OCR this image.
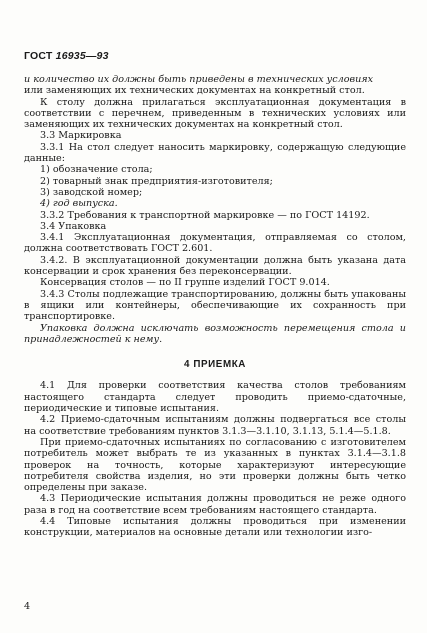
ГОСТ 16935—93

и количество их должны быть приведены в технических условиях

или заменяющих их технических документах на конкретный стол.

К столу должна прилагаться эксплуатационная документация в соответствии с перечнем, приведенным в технических условиях или заменяющих их технических документах на конкретный стол.

3.3 Маркировка

3.3.1 На стол следует наносить маркировку, содержащую следующие данные:

1) обозначение стола;

2) товарный знак предприятия-изготовителя;

3) заводской номер;

4) год выпуска.

3.3.2 Требования к транспортной маркировке — по ГОСТ 14192.

3.4 Упаковка

3.4.1 Эксплуатационная документация, отправляемая со столом, должна соответствовать ГОСТ 2.601.

3.4.2. В эксплуатационной документации должна быть указана дата консервации и срок хранения без переконсервации.

Консервация столов — по II группе изделий ГОСТ 9.014.

3.4.3 Столы подлежащие транспортированию, должны быть упакованы в ящики или контейнеры, обеспечивающие их сохранность при транспортировке.

Упаковка должна исключать возможность перемещения стола и принадлежностей к нему.

4 ПРИЕМКА

4.1 Для проверки соответствия качества столов требованиям настоящего стандарта следует проводить приемо-сдаточные, периодические и типовые испытания.

4.2 Приемо-сдаточным испытаниям должны подвергаться все столы на соответствие требованиям пунктов 3.1.3—3.1.10, 3.1.13, 5.1.4—5.1.8.

При приемо-сдаточных испытаниях по согласованию с изготовителем потребитель может выбрать те из указанных в пунктах 3.1.4—3.1.8 проверок на точность, которые характеризуют интересующие потребителя свойства изделия, но эти проверки должны быть четко определены при заказе.

4.3 Периодические испытания должны проводиться не реже одного раза в год на соответствие всем требованиям настоящего стандарта.

4.4 Типовые испытания должны проводиться при изменении конструкции, материалов на основные детали или технологии изго-

4
